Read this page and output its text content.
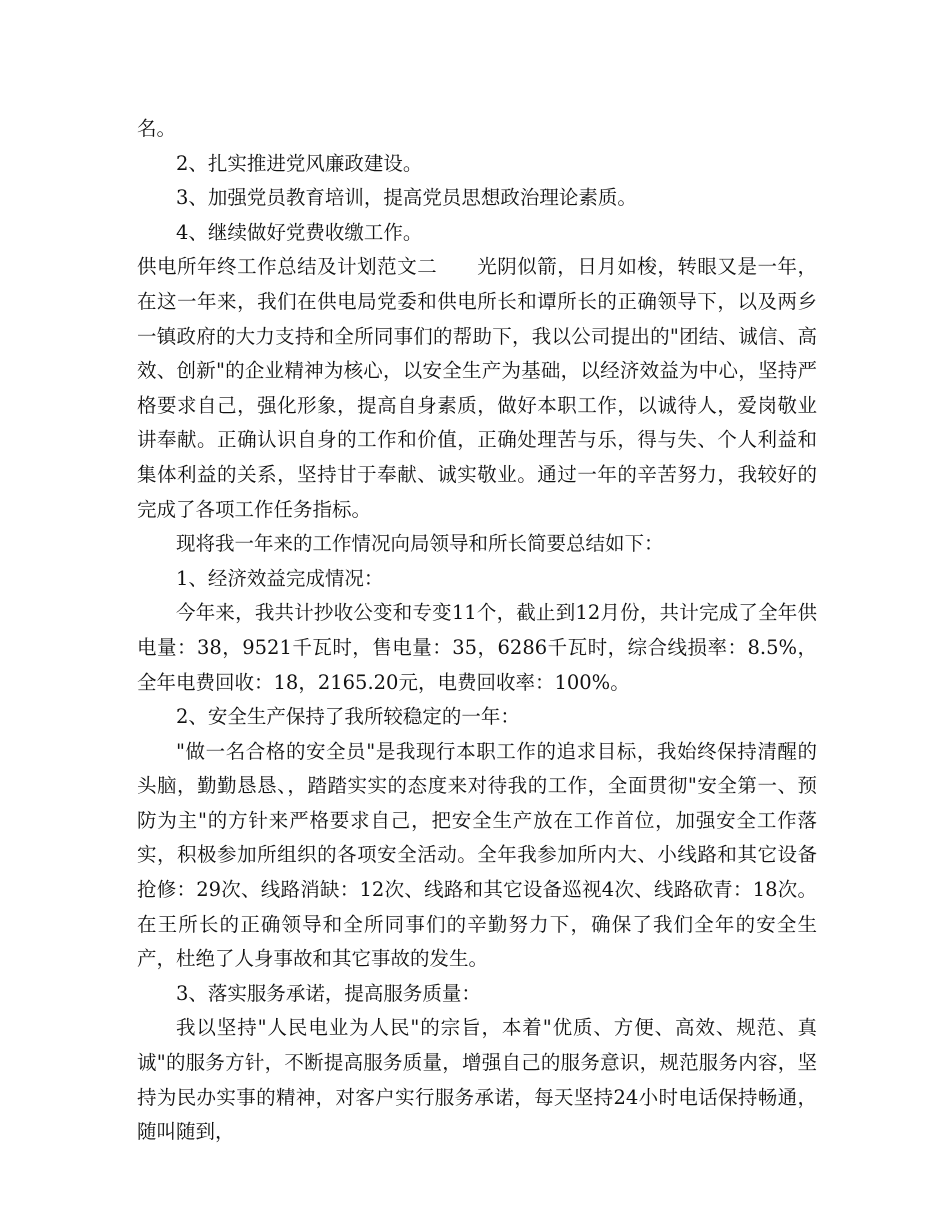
名。

2、扎实推进党风廉政建设。

3、加强党员教育培训，提高党员思想政治理论素质。

4、继续做好党费收缴工作。

供电所年终工作总结及计划范文二　　光阴似箭，日月如梭，转眼又是一年，在这一年来，我们在供电局党委和供电所长和谭所长的正确领导下，以及两乡一镇政府的大力支持和全所同事们的帮助下，我以公司提出的"团结、诚信、高效、创新"的企业精神为核心，以安全生产为基础，以经济效益为中心，坚持严格要求自己，强化形象，提高自身素质，做好本职工作，以诚待人，爱岗敬业讲奉献。正确认识自身的工作和价值，正确处理苦与乐，得与失、个人利益和集体利益的关系，坚持甘于奉献、诚实敬业。通过一年的辛苦努力，我较好的完成了各项工作任务指标。

现将我一年来的工作情况向局领导和所长简要总结如下：

1、经济效益完成情况：

今年来，我共计抄收公变和专变11个，截止到12月份，共计完成了全年供电量：38，9521千瓦时，售电量：35，6286千瓦时，综合线损率：8.5%，全年电费回收：18，2165.20元，电费回收率：100%。

2、安全生产保持了我所较稳定的一年：

"做一名合格的安全员"是我现行本职工作的追求目标，我始终保持清醒的头脑，勤勤恳恳、，踏踏实实的态度来对待我的工作，全面贯彻"安全第一、预防为主"的方针来严格要求自己，把安全生产放在工作首位，加强安全工作落实，积极参加所组织的各项安全活动。全年我参加所内大、小线路和其它设备抢修：29次、线路消缺：12次、线路和其它设备巡视4次、线路砍青：18次。在王所长的正确领导和全所同事们的辛勤努力下，确保了我们全年的安全生产，杜绝了人身事故和其它事故的发生。

3、落实服务承诺，提高服务质量：

我以坚持"人民电业为人民"的宗旨，本着"优质、方便、高效、规范、真诚"的服务方针，不断提高服务质量，增强自己的服务意识，规范服务内容，坚持为民办实事的精神，对客户实行服务承诺，每天坚持24小时电话保持畅通，随叫随到，
